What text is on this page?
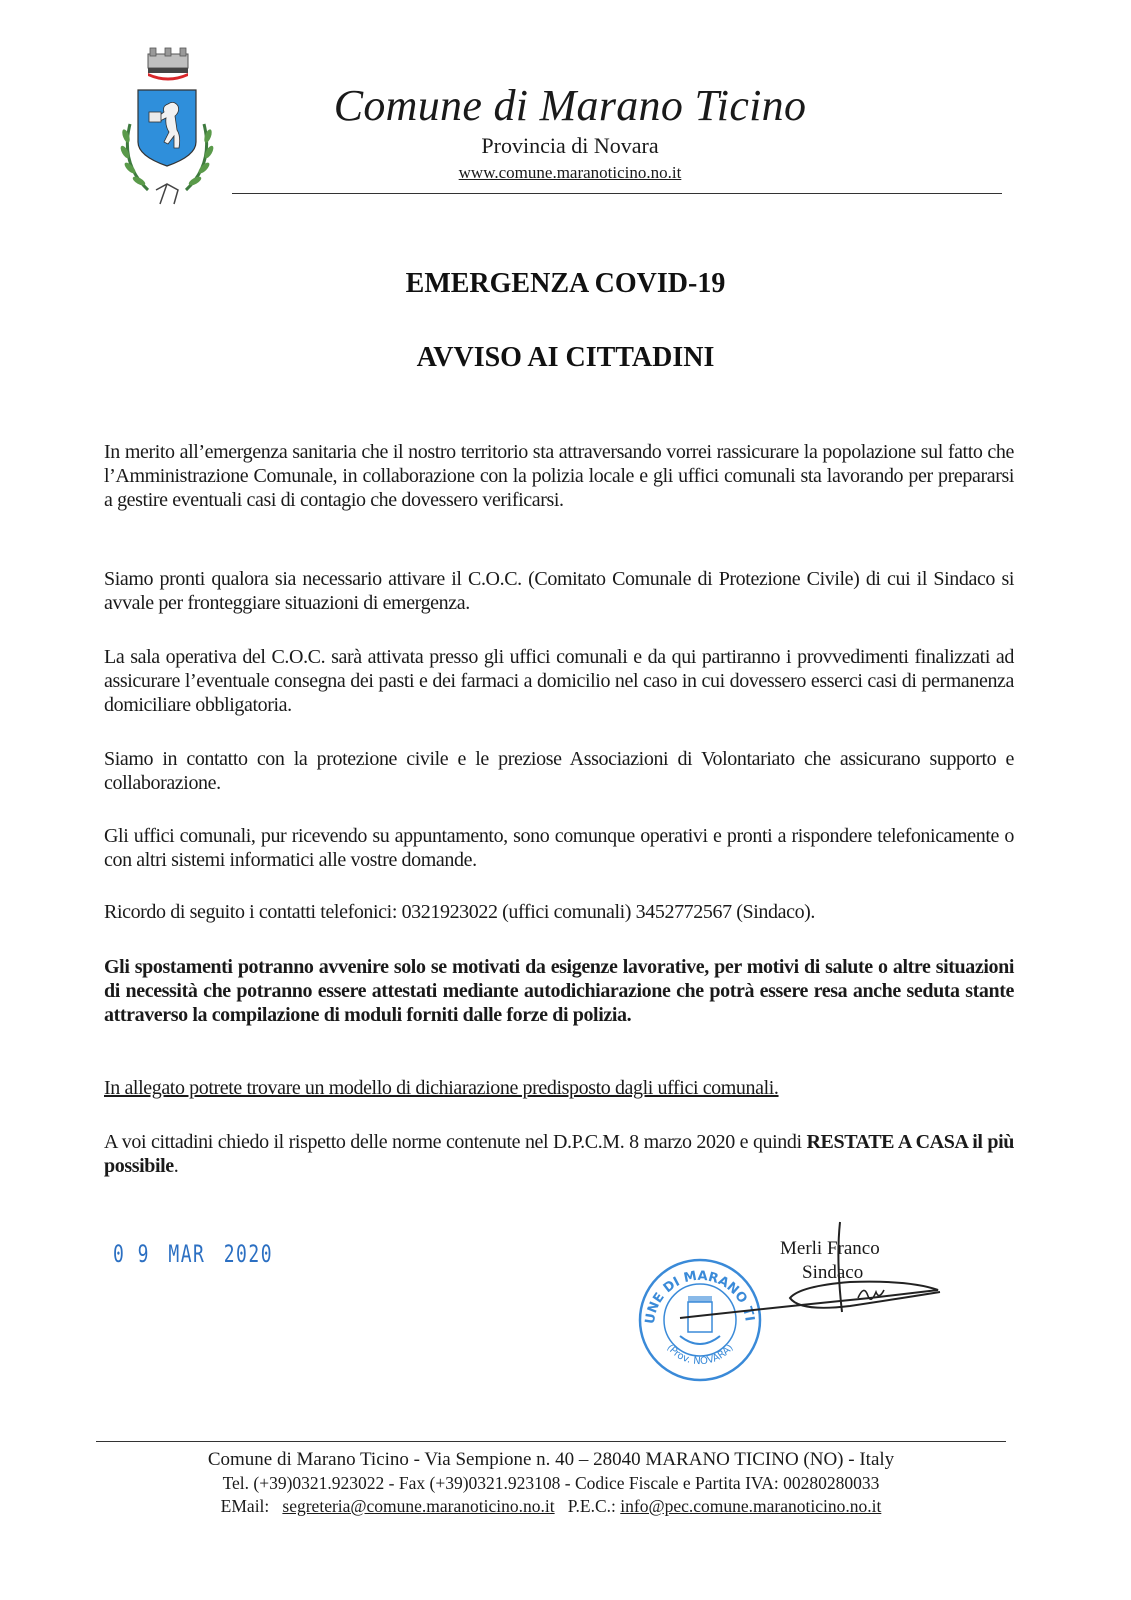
Comune di Marano Ticino
Provincia di Novara
www.comune.maranoticino.no.it
EMERGENZA COVID-19
AVVISO AI CITTADINI
In merito all’emergenza sanitaria che il nostro territorio sta attraversando vorrei rassicurare la popolazione sul fatto che l’Amministrazione Comunale, in collaborazione con la polizia locale e gli uffici comunali sta lavorando per prepararsi a gestire eventuali casi di contagio che dovessero verificarsi.
Siamo pronti qualora sia necessario attivare il C.O.C. (Comitato Comunale di Protezione Civile) di cui il Sindaco si avvale per fronteggiare situazioni di emergenza.
La sala operativa del C.O.C. sarà attivata presso gli uffici comunali e da qui partiranno i provvedimenti finalizzati ad assicurare l’eventuale consegna dei pasti e dei farmaci a domicilio nel caso in cui dovessero esserci casi di permanenza domiciliare obbligatoria.
Siamo in contatto con la protezione civile e le preziose Associazioni di Volontariato che assicurano supporto e collaborazione.
Gli uffici comunali, pur ricevendo su appuntamento, sono comunque operativi e pronti a rispondere telefonicamente o con altri sistemi informatici alle vostre domande.
Ricordo di seguito i contatti telefonici: 0321923022 (uffici comunali) 3452772567 (Sindaco).
Gli spostamenti potranno avvenire solo se motivati da esigenze lavorative, per motivi di salute o altre situazioni di necessità che potranno essere attestati mediante autodichiarazione che potrà essere resa anche seduta stante attraverso la compilazione di moduli forniti dalle forze di polizia.
In allegato potrete trovare un modello di dichiarazione predisposto dagli uffici comunali.
A voi cittadini chiedo il rispetto delle norme contenute nel D.P.C.M. 8 marzo 2020 e quindi RESTATE A CASA il più possibile.
0 9 MAR 2020
UNE DI MARANO TI
(Prov. NOVARA)
Merli Franco
Sindaco
Comune di Marano Ticino - Via Sempione n. 40 – 28040 MARANO TICINO (NO) - Italy
Tel. (+39)0321.923022 - Fax (+39)0321.923108 - Codice Fiscale e Partita IVA: 00280280033
EMail: segreteria@comune.maranoticino.no.it P.E.C.: info@pec.comune.maranoticino.no.it
